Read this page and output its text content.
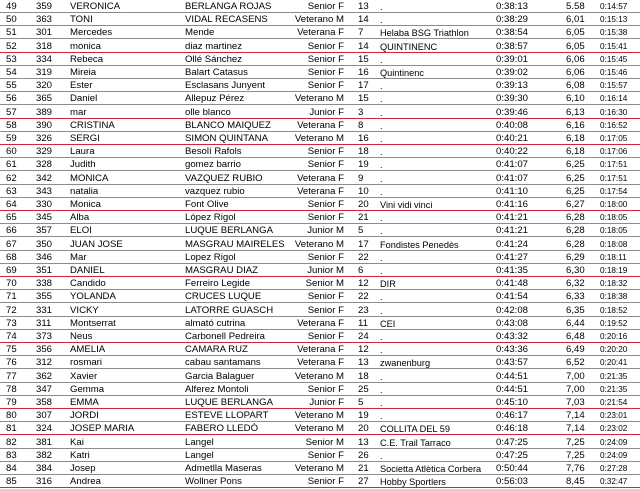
49	359	VERONICA	BERLANGA ROJAS	Senior F 13	.	0:38:13	5.58	0:14:57
50	363	TONI	VIDAL RECASENS	Veterano M 14	.	0:38:29	6,01	0:15:13
51	301	Mercedes	Mende	Veterana F 7	Helaba BSG Triathlon	0:38:54	6,05	0:15:38
52	318	monica	diaz martinez	Senior F 14	QUINTINENC	0:38:57	6,05	0:15:41
53	334	Rebeca	Ollé Sánchez	Senior F 15	.	0:39:01	6,06	0:15:45
54	319	Mireia	Balart Catasus	Senior F 16	Quintinenc	0:39:02	6,06	0:15:46
55	320	Ester	Esclasans Junyent	Senior F 17	.	0:39:13	6,08	0:15:57
56	365	Daniel	Allepuz Pérez	Veterano M 15	.	0:39:30	6,10	0:16:14
57	389	mar	olle blanco	Junior F 3	.	0:39:46	6,13	0:16:30
58	390	CRISTINA	BLANCO MAIQUEZ	Veterana F 8	.	0:40:08	6,16	0:16:52
59	326	SERGI	SIMON QUINTANA	Veterano M 16	.	0:40:21	6,18	0:17:05
60	329	Laura	Besolí Rafols	Senior F 18	.	0:40:22	6,18	0:17:06
61	328	Judith	gomez barrio	Senior F 19	.	0:41:07	6,25	0:17:51
62	342	MONICA	VAZQUEZ RUBIO	Veterana F 9	.	0:41:07	6,25	0:17:51
63	343	natalia	vazquez rubio	Veterana F 10	.	0:41:10	6,25	0:17:54
64	330	Monica	Font Olive	Senior F 20	Vini vidi vinci	0:41:16	6,27	0:18:00
65	345	Alba	López Rigol	Senior F 21	.	0:41:21	6,28	0:18:05
66	357	ELOI	LUQUE BERLANGA	Junior M 5	.	0:41:21	6,28	0:18:05
67	350	JUAN JOSE	MASGRAU MAIRELES	Veterano M 17	Fondistes Penedès	0:41:24	6,28	0:18:08
68	346	Mar	Lopez Rigol	Senior F 22	.	0:41:27	6,29	0:18:11
69	351	DANIEL	MASGRAU DIAZ	Junior M 6	.	0:41:35	6,30	0:18:19
70	338	Candido	Ferreiro Legide	Senior M 12	DIR	0:41:48	6,32	0:18:32
71	355	YOLANDA	CRUCES LUQUE	Senior F 22	.	0:41:54	6,33	0:18:38
72	331	VICKY	LATORRE GUASCH	Senior F 23	.	0:42:08	6,35	0:18:52
73	311	Montserrat	almató cutrina	Veterana F 11	CEI	0:43:08	6,44	0:19:52
74	373	Neus	Carbonell Pedreira	Senior F 24	.	0:43:32	6,48	0:20:16
75	356	AMELIA	CAMARA RUZ	Veterana F 12	.	0:43:36	6,49	0:20:20
76	312	rosmari	cabau santamans	Veterana F 13	zwanenburg	0:43:57	6,52	0:20:41
77	362	Xavier	Garcia Balaguer	Veterano M 18	.	0:44:51	7,00	0:21:35
78	347	Gemma	Alferez Montoli	Senior F 25	.	0:44:51	7,00	0:21:35
79	358	EMMA	LUQUE BERLANGA	Junior F 5	.	0:45:10	7,03	0:21:54
80	307	JORDI	ESTEVE LLOPART	Veterano M 19	.	0:46:17	7,14	0:23:01
81	324	JOSEP MARIA	FABERO LLEDÓ	Veterano M 20	COLLITA DEL 59	0:46:18	7,14	0:23:02
82	381	Kai	Langel	Senior M 13	C.E. Trail Tarraco	0:47:25	7,25	0:24:09
83	382	Katri	Langel	Senior F 26	.	0:47:25	7,25	0:24:09
84	384	Josep	Admetlla Maseras	Veterano M 21	Societta Atlètica Corbera	0:50:44	7,76	0:27:28
85	316	Andrea	Wollner Pons	Senior F 27	Hobby Sportlers	0:56:03	8,45	0:32:47
